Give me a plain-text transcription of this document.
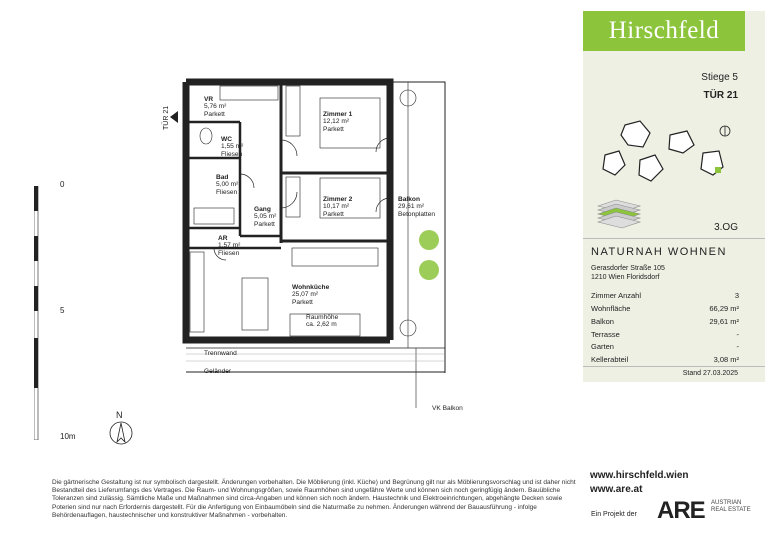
Hirschfeld
Stiege 5
TÜR 21
3.OG
NATURNAH WOHNEN
Gerasdorfer Straße 105
1210 Wien Floridsdorf
Zimmer Anzahl	3
Wohnfläche	66,29 m²
Balkon	29,61 m²
Terrasse	-
Garten	-
Kellerabteil	3,08 m²
Stand 27.03.2025
www.hirschfeld.wien
www.are.at
Ein Projekt der ARE AUSTRIAN REAL ESTATE
0
5
10m
N
TÜR 21
VR
5,76 m²
Parkett
WC
1,55 m²
Fliesen
Bad
5,00 m²
Fliesen
Gang
5,05 m²
Parkett
AR
1,57 m²
Fliesen
Zimmer 1
12,12 m²
Parkett
Zimmer 2
10,17 m²
Parkett
Wohnküche
25,07 m²
Parkett
Raumhöhe
ca. 2,62 m
Balkon
29,61 m²
Betonplatten
Trennwand
Geländer
VK Balkon
Die gärtnerische Gestaltung ist nur symbolisch dargestellt. Änderungen vorbehalten. Die Möblierung (inkl. Küche) und Begrünung gilt nur als Möblierungsvorschlag und ist daher nicht Bestandteil des Lieferumfangs des Vertrages. Die Raum- und Wohnungsgrößen, sowie Raumhöhen sind ungefähre Werte und können sich noch geringfügig ändern. Bauübliche Toleranzen sind zulässig. Sämtliche Maße und Maßnahmen sind circa-Angaben und können sich noch ändern. Haustechnik und Elektroeinrichtungen, abgehängte Decken sowie Poterien sind nur nach Erfordernis dargestellt. Für die Anfertigung von Einbaumöbeln sind die Naturmaße zu nehmen. Änderungen während der Bauausführung - infolge Behördenauflagen, haustechnischer und konstruktiver Maßnahmen - vorbehalten.
